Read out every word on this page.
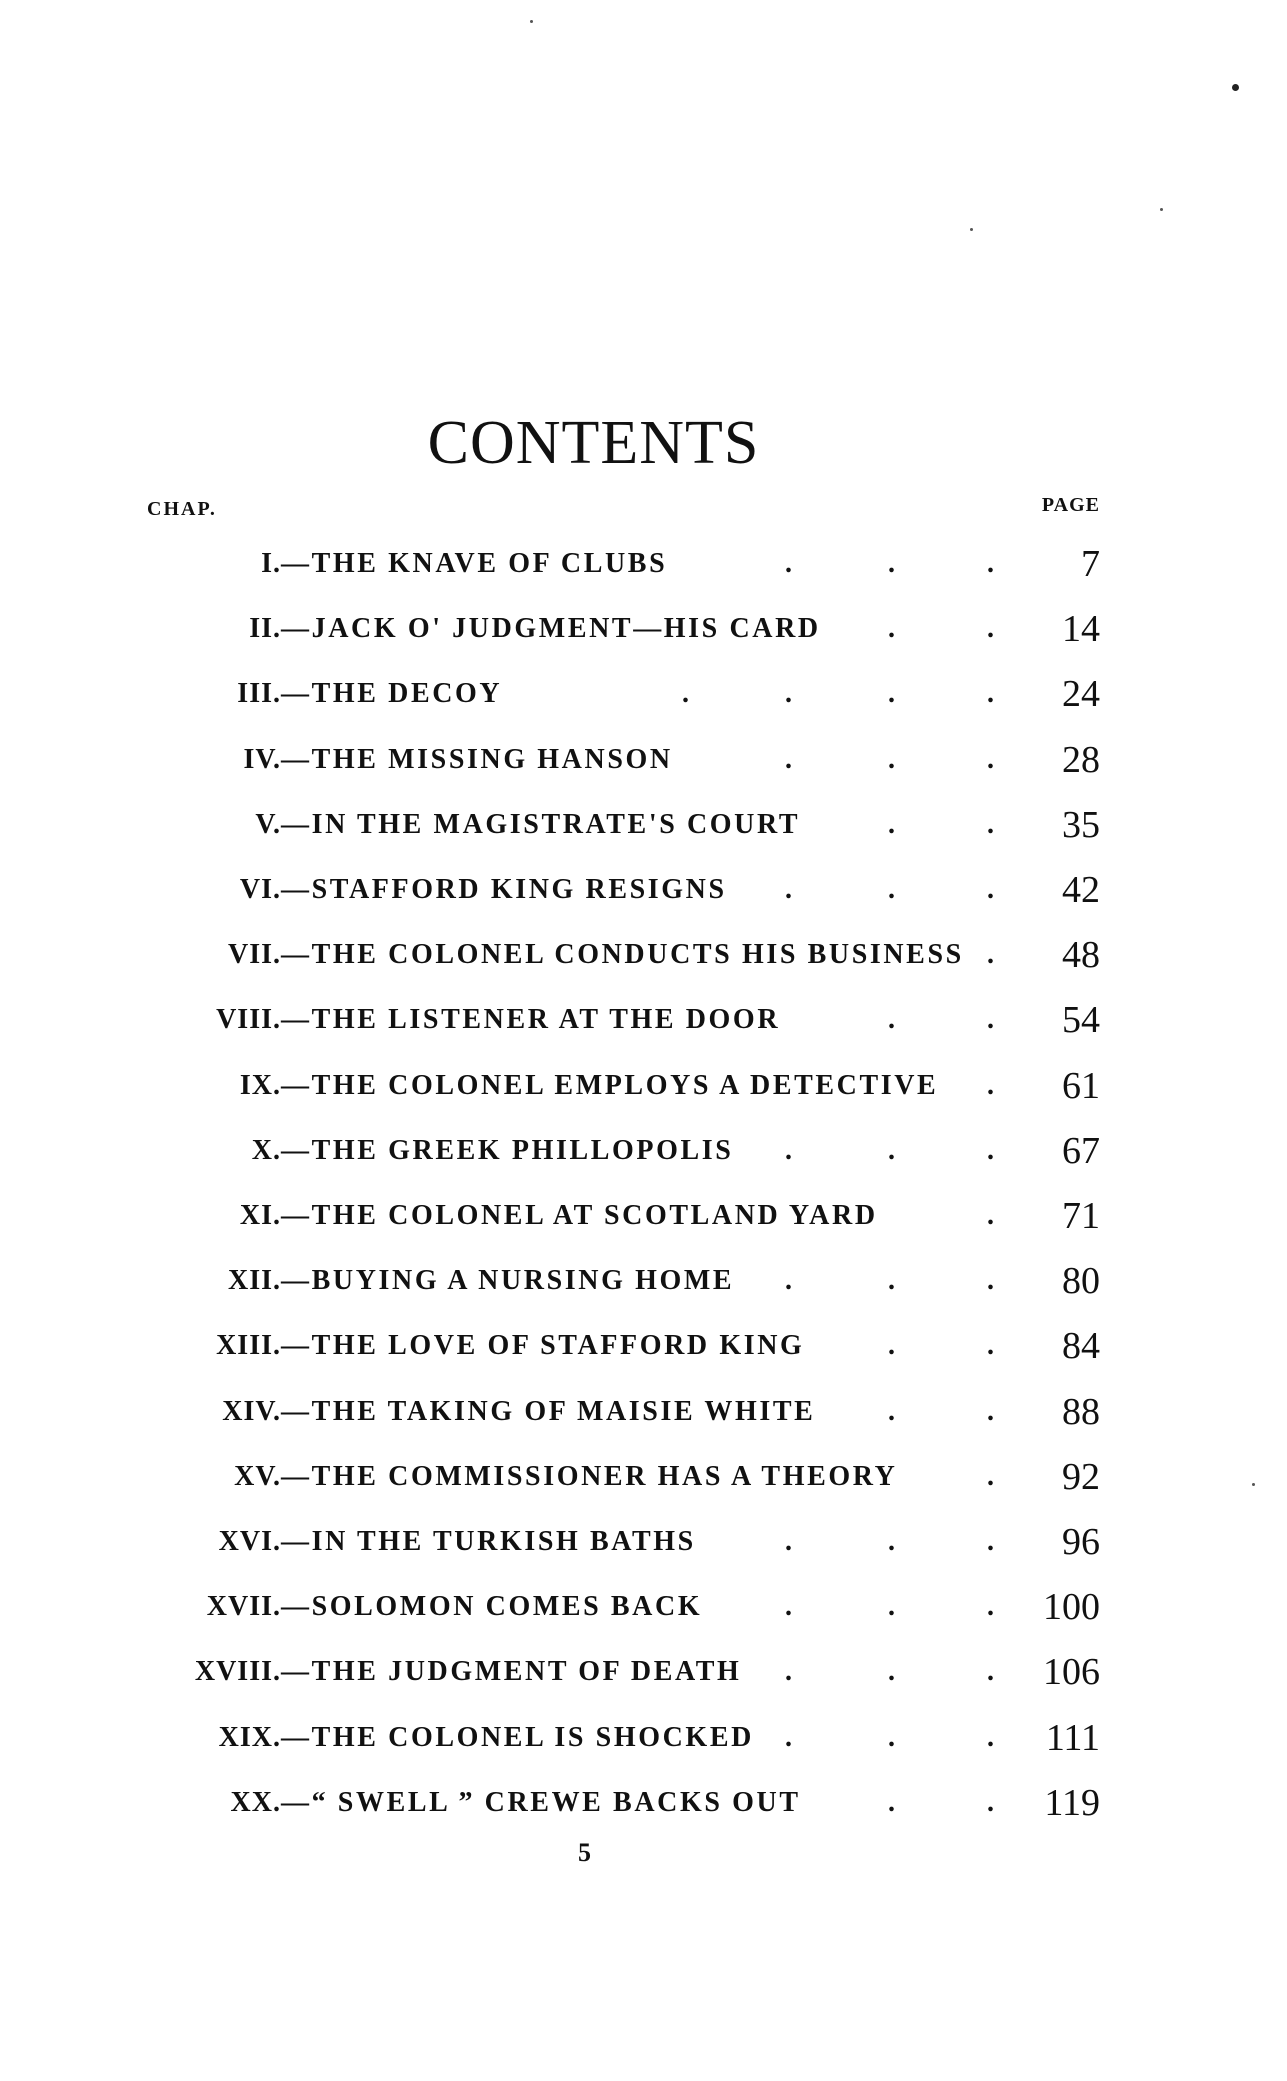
CONTENTS
CHAP.	PAGE
I. —THE KNAVE OF CLUBS	7
.	.	.
II. —JACK O' JUDGMENT—HIS CARD	14
.	.
III. —THE DECOY	24
.	.	.	.
IV. —THE MISSING HANSON	28
.	.	.
V. —IN THE MAGISTRATE'S COURT	35
.	.
VI. —STAFFORD KING RESIGNS	42
.	.	.
VII. —THE COLONEL CONDUCTS HIS BUSINESS	48
.
VIII. —THE LISTENER AT THE DOOR	54
.	.
IX. —THE COLONEL EMPLOYS A DETECTIVE	61
.
X. —THE GREEK PHILLOPOLIS	67
.	.	.
XI. —THE COLONEL AT SCOTLAND YARD	71
.
XII. —BUYING A NURSING HOME	80
.	.	.
XIII. —THE LOVE OF STAFFORD KING	84
.	.
XIV. —THE TAKING OF MAISIE WHITE	88
.	.
XV. —THE COMMISSIONER HAS A THEORY	92
.
XVI. —IN THE TURKISH BATHS	96
.	.	.
XVII. —SOLOMON COMES BACK	100
.	.	.
XVIII. —THE JUDGMENT OF DEATH	106
.	.	.
XIX. —THE COLONEL IS SHOCKED	111
.	.	.
XX. —“ SWELL ” CREWE BACKS OUT	119
.	.
5
